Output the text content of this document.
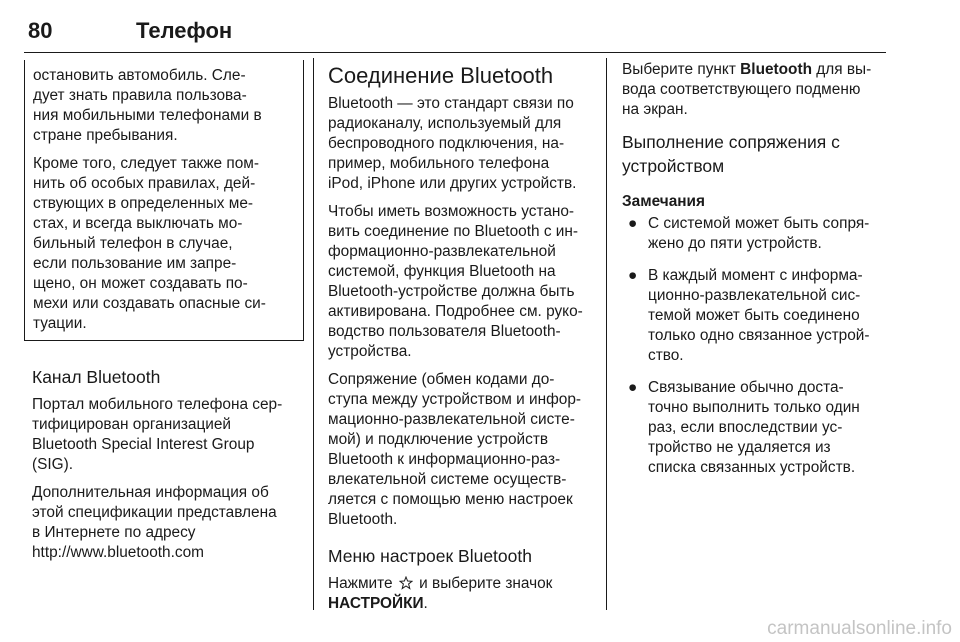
80	Телефон

остановить автомобиль. Сле-
дует знать правила пользова-
ния мобильными телефонами в
стране пребывания.

Кроме того, следует также пом-
нить об особых правилах, дей-
ствующих в определенных ме-
стах, и всегда выключать мо-
бильный телефон в случае,
если пользование им запре-
щено, он может создавать по-
мехи или создавать опасные си-
туации.

Канал Bluetooth

Портал мобильного телефона сер-
тифицирован организацией
Bluetooth Special Interest Group
(SIG).

Дополнительная информация об
этой спецификации представлена
в Интернете по адресу
http://www.bluetooth.com

Соединение Bluetooth

Bluetooth — это стандарт связи по
радиоканалу, используемый для
беспроводного подключения, на-
пример, мобильного телефона
iPod, iPhone или других устройств.

Чтобы иметь возможность устано-
вить соединение по Bluetooth с ин-
формационно-развлекательной
системой, функция Bluetooth на
Bluetooth-устройстве должна быть
активирована. Подробнее см. руко-
водство пользователя Bluetooth-
устройства.

Сопряжение (обмен кодами до-
ступа между устройством и инфор-
мационно-развлекательной систе-
мой) и подключение устройств
Bluetooth к информационно-раз-
влекательной системе осуществ-
ляется с помощью меню настроек
Bluetooth.

Меню настроек Bluetooth

Нажмите  и выберите значок
НАСТРОЙКИ.

Выберите пункт Bluetooth для вы-
вода соответствующего подменю
на экран.

Выполнение сопряжения с
устройством
Замечания
● С системой может быть сопря-
жено до пяти устройств.
● В каждый момент с информа-
ционно-развлекательной сис-
темой может быть соединено
только одно связанное устрой-
ство.
● Связывание обычно доста-
точно выполнить только один
раз, если впоследствии ус-
тройство не удаляется из
списка связанных устройств.
carmanualsonline.info
